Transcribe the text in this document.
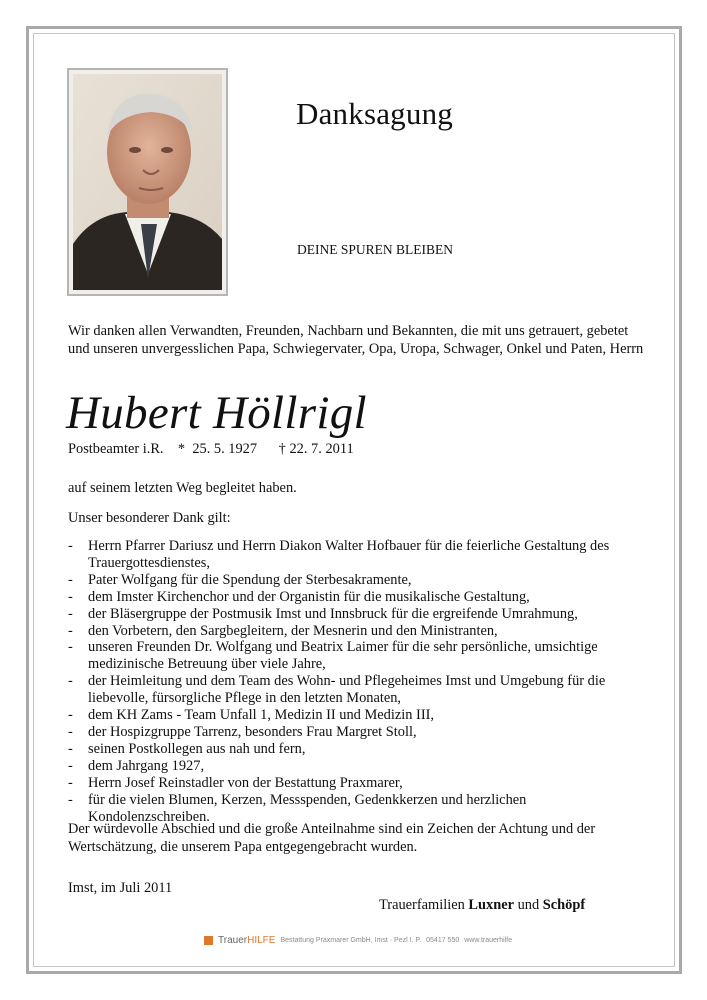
Danksagung
DEINE SPUREN BLEIBEN
Wir danken allen Verwandten, Freunden, Nachbarn und Bekannten, die mit uns getrauert, gebetet und unseren unvergesslichen Papa, Schwiegervater, Opa, Uropa, Schwager, Onkel und Paten, Herrn
Hubert Höllrigl
Postbeamter i.R. *  25. 5. 1927 † 22. 7. 2011
auf seinem letzten Weg begleitet haben.
Unser besonderer Dank gilt:
- Herrn Pfarrer Dariusz und Herrn Diakon Walter Hofbauer für die feierliche Gestaltung des Trauergottesdienstes,
- Pater Wolfgang für die Spendung der Sterbesakramente,
- dem Imster Kirchenchor und der Organistin für die musikalische Gestaltung,
- der Bläsergruppe der Postmusik Imst und Innsbruck für die ergreifende Umrahmung,
- den Vorbetern, den Sargbegleitern, der Mesnerin und den Ministranten,
- unseren Freunden Dr. Wolfgang und Beatrix Laimer für die sehr persönliche, umsichtige medizinische Betreuung über viele Jahre,
- der Heimleitung und dem Team des Wohn- und Pflegeheimes Imst und Umgebung für die liebevolle, fürsorgliche Pflege in den letzten Monaten,
- dem KH Zams - Team Unfall 1, Medizin II und Medizin III,
- der Hospizgruppe Tarrenz, besonders Frau Margret Stoll,
- seinen Postkollegen aus nah und fern,
- dem Jahrgang 1927,
- Herrn Josef Reinstadler von der Bestattung Praxmarer,
- für die vielen Blumen, Kerzen, Messspenden, Gedenkkerzen und herzlichen Kondolenzschreiben.
Der würdevolle Abschied und die große Anteilnahme sind ein Zeichen der Achtung und der Wertschätzung, die unserem Papa entgegengebracht wurden.
Imst, im Juli 2011
Trauerfamilien Luxner und Schöpf
TrauerHILFE Bestattung Praxmarer GmbH, Imst · Pezl I. P. 05417 550 www.trauerhilfe
